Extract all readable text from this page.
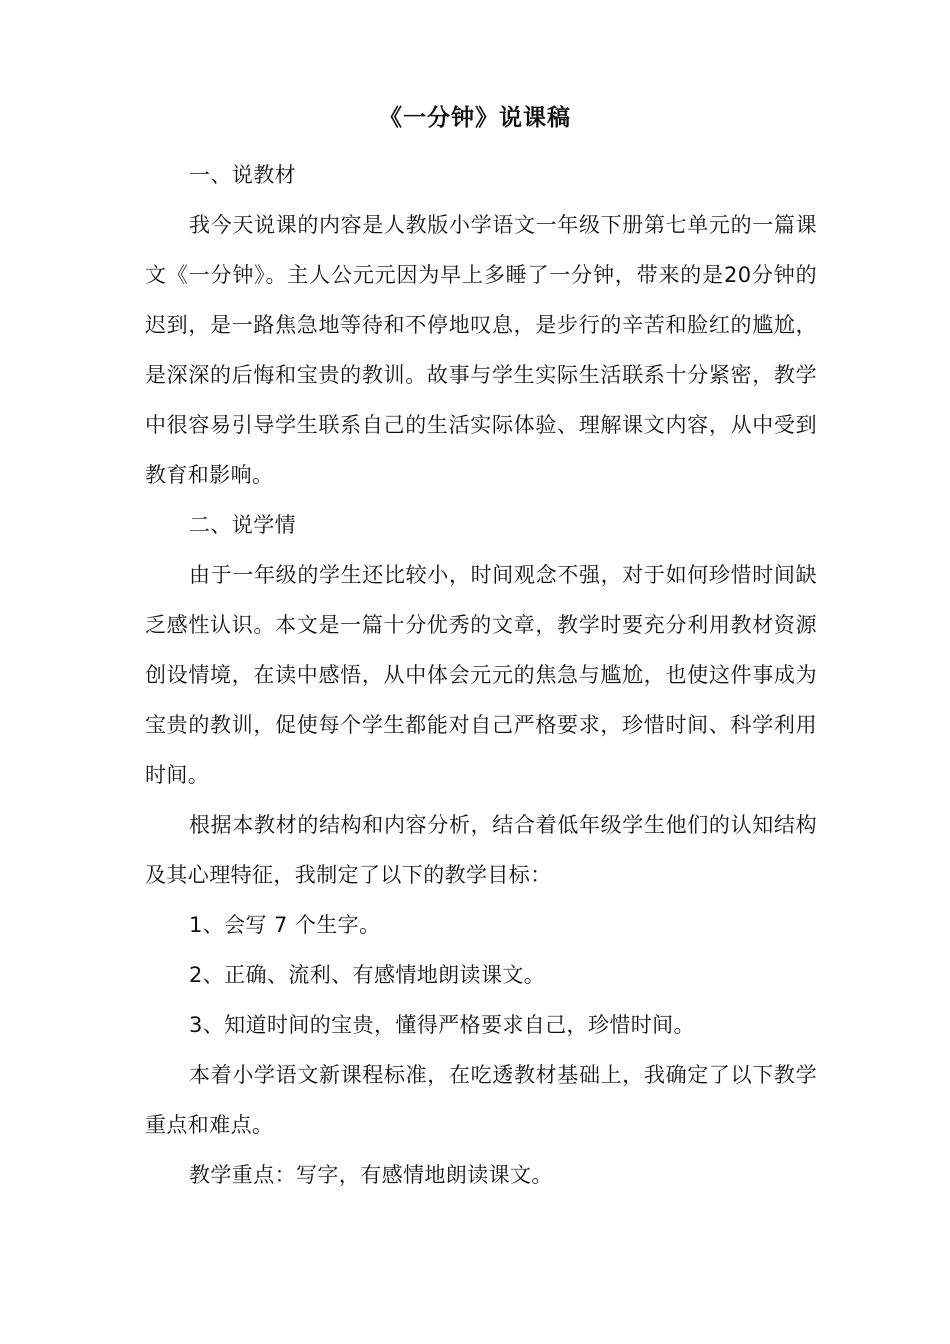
《一分钟》说课稿

一、说教材

我今天说课的内容是人教版小学语文一年级下册第七单元的一篇课文《一分钟》。主人公元元因为早上多睡了一分钟，带来的是20分钟的迟到，是一路焦急地等待和不停地叹息，是步行的辛苦和脸红的尴尬，是深深的后悔和宝贵的教训。故事与学生实际生活联系十分紧密，教学中很容易引导学生联系自己的生活实际体验、理解课文内容，从中受到教育和影响。

二、说学情

由于一年级的学生还比较小，时间观念不强，对于如何珍惜时间缺乏感性认识。本文是一篇十分优秀的文章，教学时要充分利用教材资源创设情境，在读中感悟，从中体会元元的焦急与尴尬，也使这件事成为宝贵的教训，促使每个学生都能对自己严格要求，珍惜时间、科学利用时间。

根据本教材的结构和内容分析，结合着低年级学生他们的认知结构及其心理特征，我制定了以下的教学目标：

1、会写 7 个生字。

2、正确、流利、有感情地朗读课文。

3、知道时间的宝贵，懂得严格要求自己，珍惜时间。

本着小学语文新课程标准，在吃透教材基础上，我确定了以下教学重点和难点。

教学重点：写字，有感情地朗读课文。
